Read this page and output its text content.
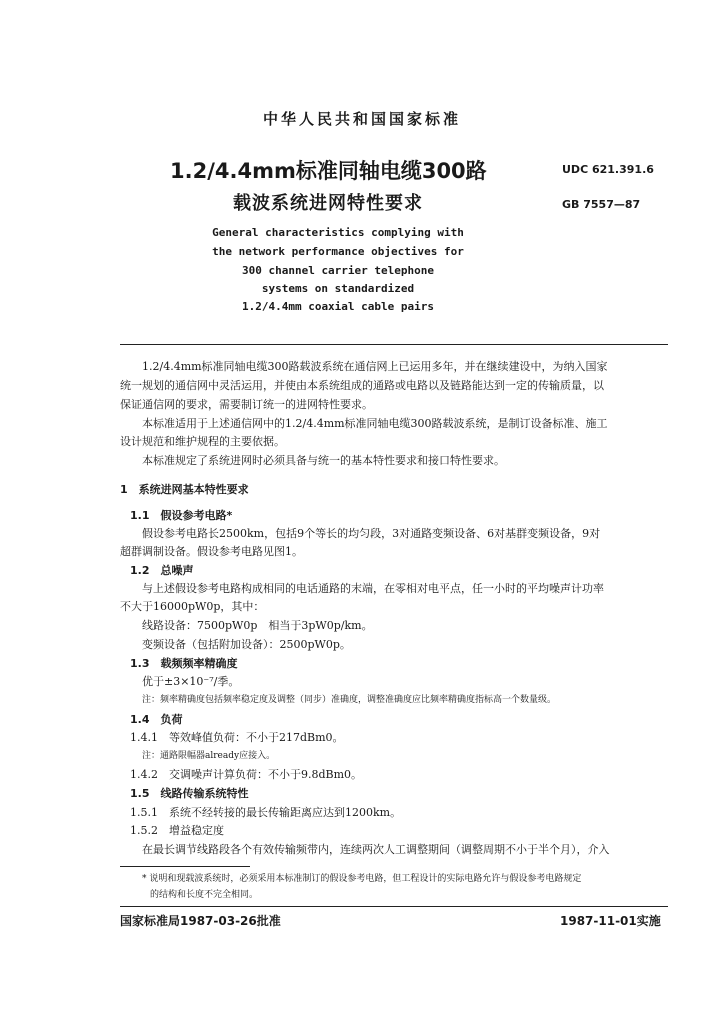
中华人民共和国国家标准
1.2/4.4mm标准同轴电缆300路
载波系统进网特性要求
UDC 621.391.6
GB 7557—87
General characteristics complying with
the network performance objectives for
300 channel carrier telephone
systems on standardized
1.2/4.4mm coaxial cable pairs
1.2/4.4mm标准同轴电缆300路载波系统在通信网上已运用多年，并在继续建设中，为纳入国家
统一规划的通信网中灵活运用，并使由本系统组成的通路或电路以及链路能达到一定的传输质量，以
保证通信网的要求，需要制订统一的进网特性要求。
本标准适用于上述通信网中的1.2/4.4mm标准同轴电缆300路载波系统，是制订设备标准、施工
设计规范和维护规程的主要依据。
本标准规定了系统进网时必须具备与统一的基本特性要求和接口特性要求。
1　系统进网基本特性要求
1.1　假设参考电路*
假设参考电路长2500km，包括9个等长的均匀段，3对通路变频设备、6对基群变频设备，9对
超群调制设备。假设参考电路见图1。
1.2　总噪声
与上述假设参考电路构成相同的电话通路的末端，在零相对电平点，任一小时的平均噪声计功率
不大于16000pW0p，其中：
线路设备：7500pW0p　相当于3pW0p/km。
变频设备（包括附加设备）：2500pW0p。
1.3　载频频率精确度
优于±3×10⁻⁷/季。
注：频率精确度包括频率稳定度及调整（同步）准确度，调整准确度应比频率精确度指标高一个数量级。
1.4　负荷
1.4.1　等效峰值负荷：不小于217dBm0。
注：通路限幅器already应接入。
1.4.2　交调噪声计算负荷：不小于9.8dBm0。
1.5　线路传输系统特性
1.5.1　系统不经转接的最长传输距离应达到1200km。
1.5.2　增益稳定度
在最长调节线路段各个有效传输频带内，连续两次人工调整期间（调整周期不小于半个月），介入
* 说明和现载波系统时，必须采用本标准制订的假设参考电路，但工程设计的实际电路允许与假设参考电路规定
的结构和长度不完全相同。
国家标准局1987-03-26批准	1987-11-01实施
